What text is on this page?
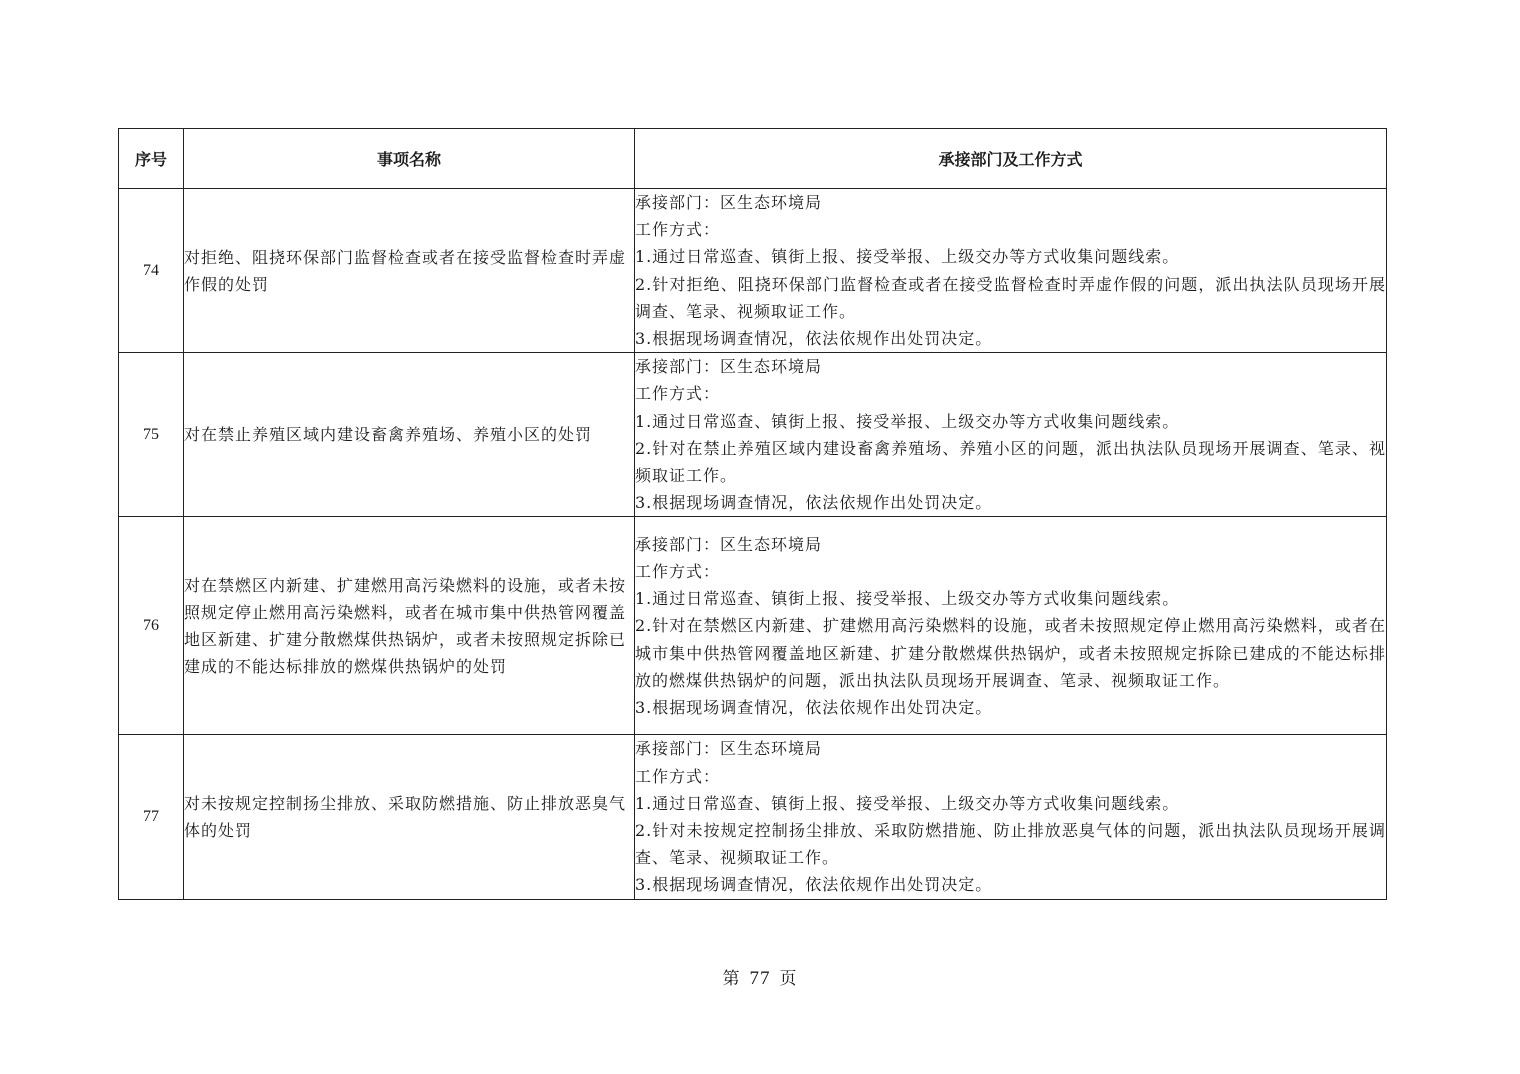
序号	事项名称	承接部门及工作方式
74	对拒绝、阻挠环保部门监督检查或者在接受监督检查时弄虚作假的处罚	承接部门：区生态环境局
工作方式：
1.通过日常巡查、镇街上报、接受举报、上级交办等方式收集问题线索。
2.针对拒绝、阻挠环保部门监督检查或者在接受监督检查时弄虚作假的问题，派出执法队员现场开展调查、笔录、视频取证工作。
3.根据现场调查情况，依法依规作出处罚决定。

75	对在禁止养殖区域内建设畜禽养殖场、养殖小区的处罚	承接部门：区生态环境局
工作方式：
1.通过日常巡查、镇街上报、接受举报、上级交办等方式收集问题线索。
2.针对在禁止养殖区域内建设畜禽养殖场、养殖小区的问题，派出执法队员现场开展调查、笔录、视频取证工作。
3.根据现场调查情况，依法依规作出处罚决定。

76	对在禁燃区内新建、扩建燃用高污染燃料的设施，或者未按照规定停止燃用高污染燃料，或者在城市集中供热管网覆盖地区新建、扩建分散燃煤供热锅炉，或者未按照规定拆除已建成的不能达标排放的燃煤供热锅炉的处罚	承接部门：区生态环境局
工作方式：
1.通过日常巡查、镇街上报、接受举报、上级交办等方式收集问题线索。
2.针对在禁燃区内新建、扩建燃用高污染燃料的设施，或者未按照规定停止燃用高污染燃料，或者在城市集中供热管网覆盖地区新建、扩建分散燃煤供热锅炉，或者未按照规定拆除已建成的不能达标排放的燃煤供热锅炉的问题，派出执法队员现场开展调查、笔录、视频取证工作。
3.根据现场调查情况，依法依规作出处罚决定。

77	对未按规定控制扬尘排放、采取防燃措施、防止排放恶臭气体的处罚	承接部门：区生态环境局
工作方式：
1.通过日常巡查、镇街上报、接受举报、上级交办等方式收集问题线索。
2.针对未按规定控制扬尘排放、采取防燃措施、防止排放恶臭气体的问题，派出执法队员现场开展调查、笔录、视频取证工作。
3.根据现场调查情况，依法依规作出处罚决定。
第 77 页
